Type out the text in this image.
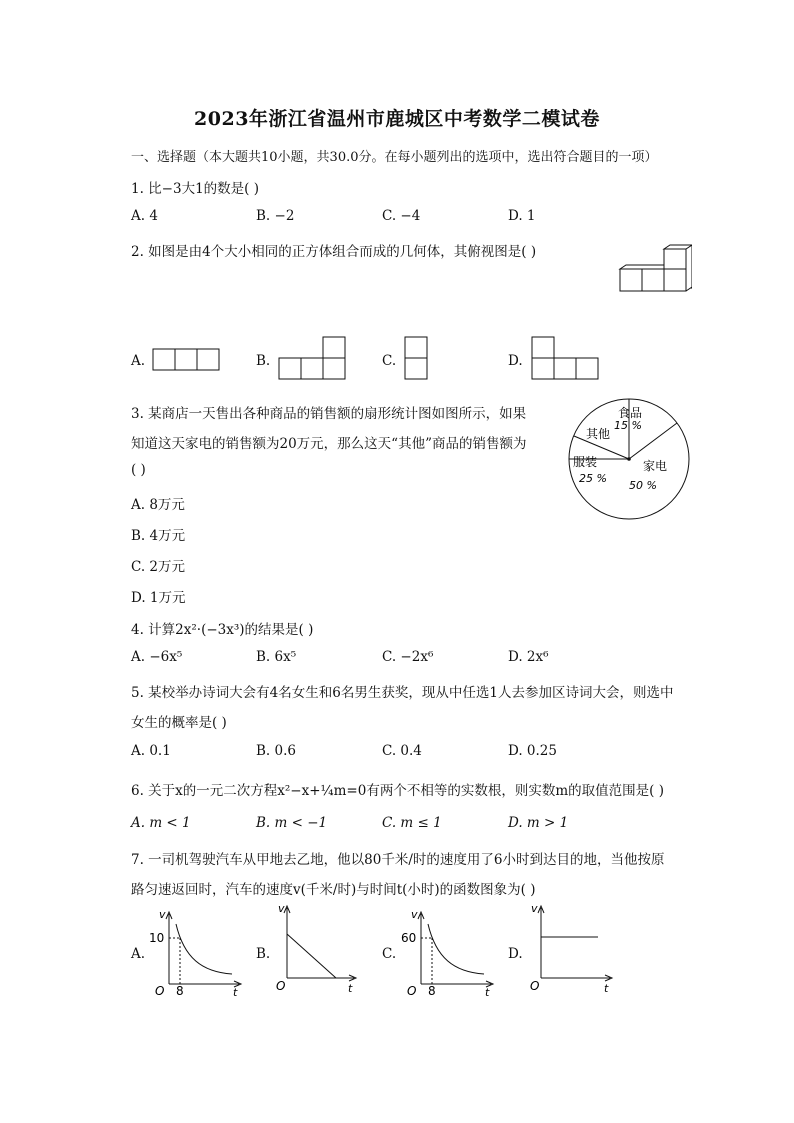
2023年浙江省温州市鹿城区中考数学二模试卷
一、选择题（本大题共10小题，共30.0分。在每小题列出的选项中，选出符合题目的一项）
1. 比−3大1的数是( )
A. 4	B. −2	C. −4	D. 1
2. 如图是由4个大小相同的正方体组合而成的几何体，其俯视图是( )
A.	B.	C.	D.
3. 某商店一天售出各种商品的销售额的扇形统计图如图所示，如果
知道这天家电的销售额为20万元，那么这天“其他”商品的销售额为
( )
A. 8万元
B. 4万元
C. 2万元
D. 1万元
食品
15 %
其他
服装
25 %
家电
50 %
4. 计算2x²·(−3x³)的结果是( )
A. −6x⁵	B. 6x⁵	C. −2x⁶	D. 2x⁶
5. 某校举办诗词大会有4名女生和6名男生获奖，现从中任选1人去参加区诗词大会，则选中
女生的概率是( )
A. 0.1	B. 0.6	C. 0.4	D. 0.25
6. 关于x的一元二次方程x²−x+¼m=0有两个不相等的实数根，则实数m的取值范围是( )
A. m < 1	B. m < −1	C. m ≤ 1	D. m > 1
7. 一司机驾驶汽车从甲地去乙地，他以80千米/时的速度用了6小时到达目的地，当他按原
路匀速返回时，汽车的速度v(千米/时)与时间t(小时)的函数图象为( )
A.
v
10
O 8	t
B.
v
O	t
C.
v
60
O 8	t
D.
v
O	t
